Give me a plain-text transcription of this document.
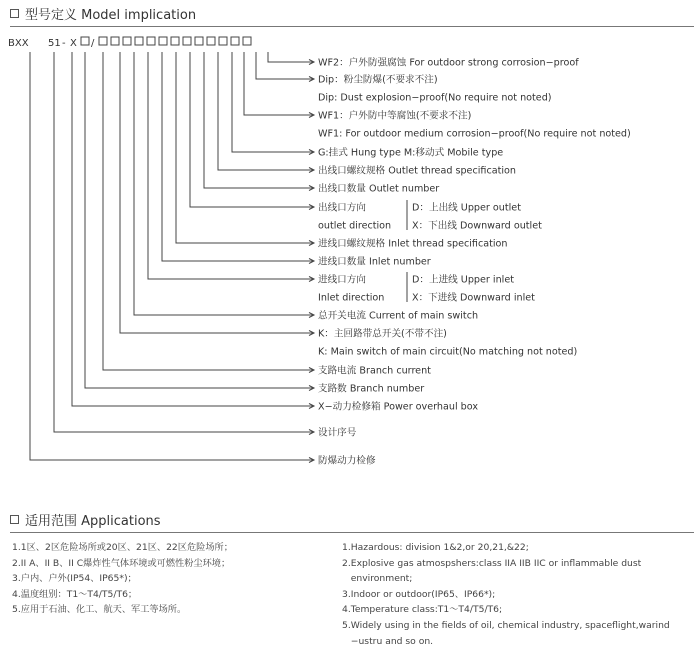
型号定义 Model implication
BXX 51 - X /
WF2：户外防强腐蚀 For outdoor strong corrosion−proof
Dip：粉尘防爆(不要求不注)
Dip: Dust explosion−proof(No require not noted)
WF1：户外防中等腐蚀(不要求不注)
WF1: For outdoor medium corrosion−proof(No require not noted)
G:挂式 Hung type M:移动式 Mobile type
出线口螺纹规格 Outlet thread specification
出线口数量 Outlet number
出线口方向
outlet direction
进线口螺纹规格 Inlet thread specification
进线口数量 Inlet number
进线口方向
Inlet direction
总开关电流 Current of main switch
K：主回路带总开关(不带不注)
K: Main switch of main circuit(No matching not noted)
支路电流 Branch current
支路数 Branch number
X−动力检修箱 Power overhaul box
设计序号
防爆动力检修
D：上出线 Upper outlet
X：下出线 Downward outlet
D：上进线 Upper inlet
X：下进线 Downward inlet
适用范围 Applications
1.1区、2区危险场所或20区、21区、22区危险场所；
2.II A、II B、II C爆炸性气体环境或可燃性粉尘环境；
3.户内、户外(IP54、IP65*)；
4.温度组别：T1～T4/T5/T6；
5.应用于石油、化工、航天、军工等场所。
1.Hazardous: division 1&2,or 20,21,&22;
2.Explosive gas atmospshers:class IIA IIB IIC or inflammable dust
environment;
3.Indoor or outdoor(IP65、IP66*);
4.Temperature class:T1～T4/T5/T6;
5.Widely using in the fields of oil, chemical industry, spaceflight,warind
−ustru and so on.
